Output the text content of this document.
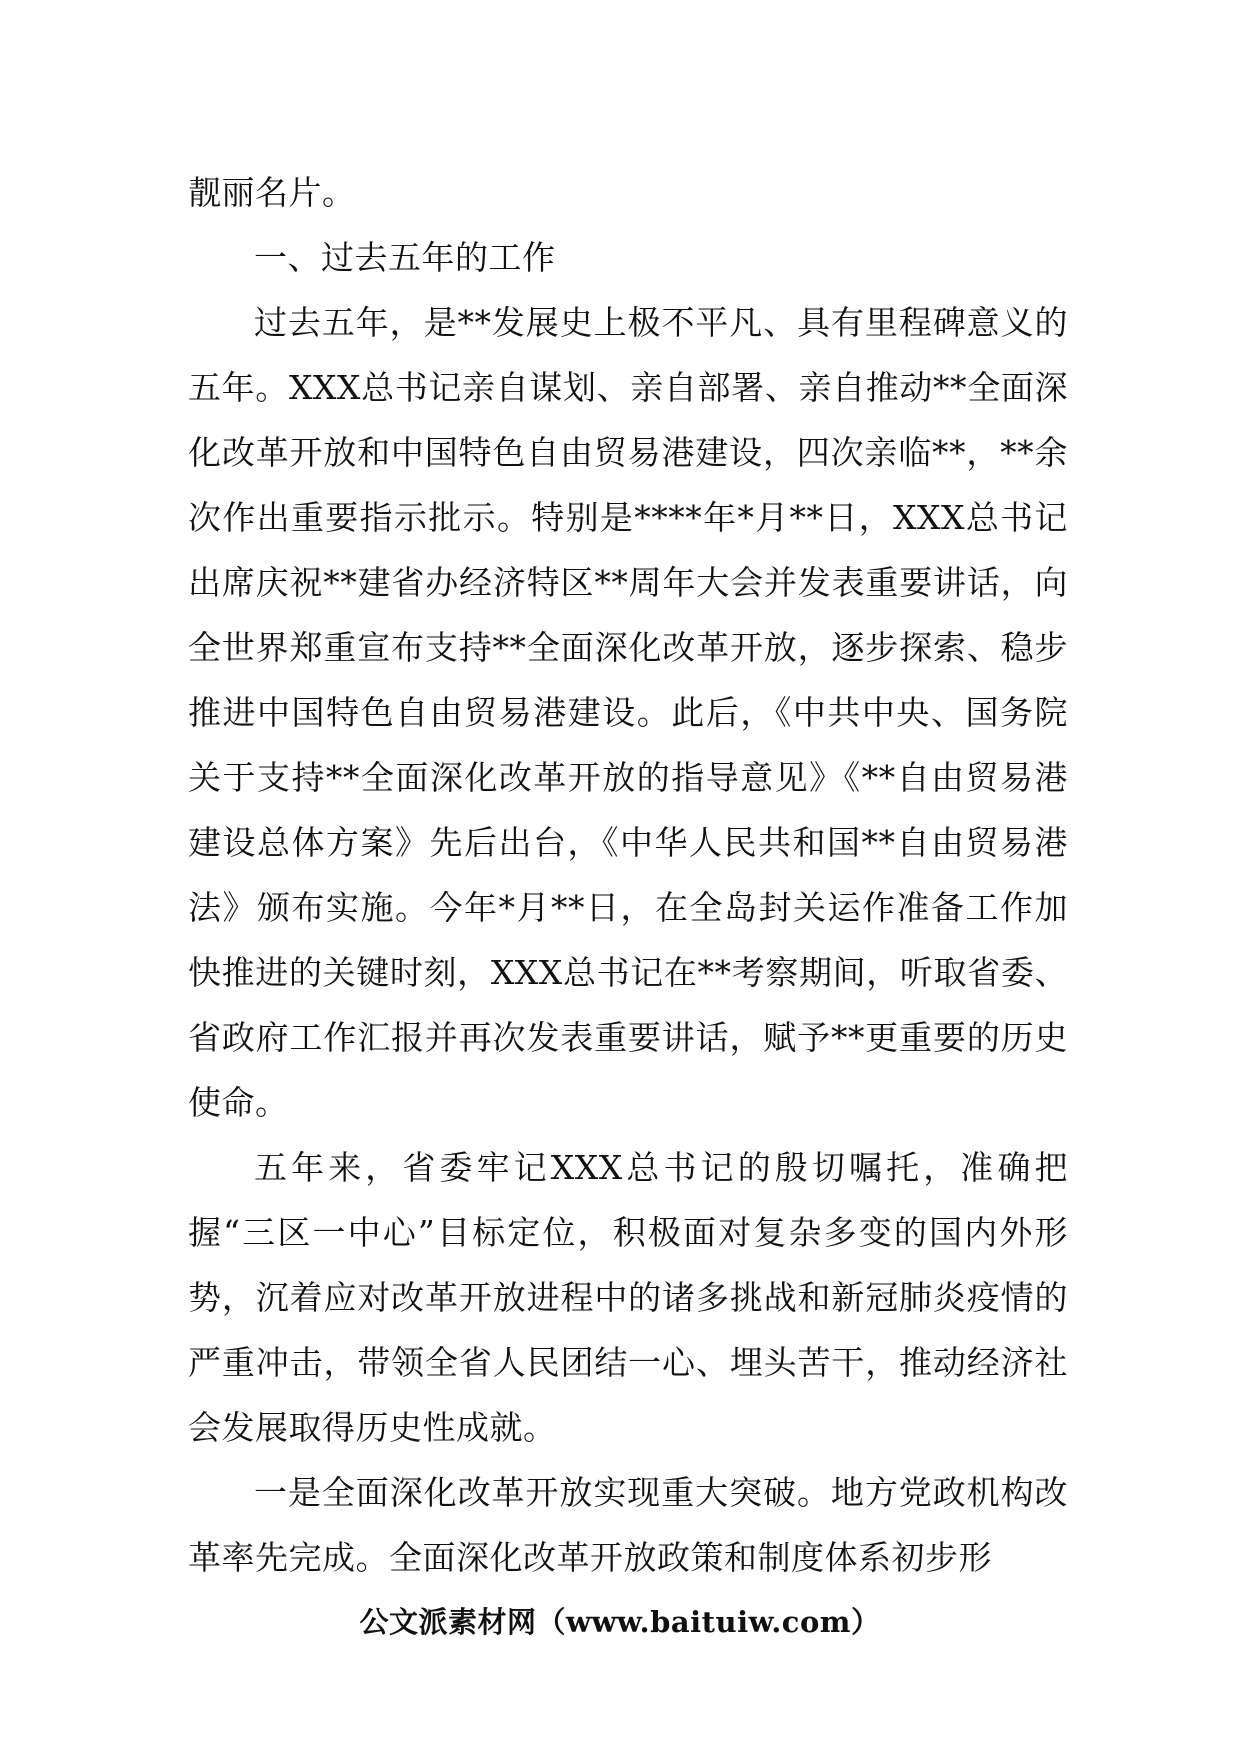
靓丽名片。

一、过去五年的工作

过去五年，是**发展史上极不平凡、具有里程碑意义的五年。XXX总书记亲自谋划、亲自部署、亲自推动**全面深化改革开放和中国特色自由贸易港建设，四次亲临**，**余次作出重要指示批示。特别是****年*月**日，XXX总书记出席庆祝**建省办经济特区**周年大会并发表重要讲话，向全世界郑重宣布支持**全面深化改革开放，逐步探索、稳步推进中国特色自由贸易港建设。此后，《中共中央、国务院关于支持**全面深化改革开放的指导意见》《**自由贸易港建设总体方案》先后出台，《中华人民共和国**自由贸易港法》颁布实施。今年*月**日，在全岛封关运作准备工作加快推进的关键时刻，XXX总书记在**考察期间，听取省委、省政府工作汇报并再次发表重要讲话，赋予**更重要的历史使命。

五年来，省委牢记XXX总书记的殷切嘱托，准确把握“三区一中心”目标定位，积极面对复杂多变的国内外形势，沉着应对改革开放进程中的诸多挑战和新冠肺炎疫情的严重冲击，带领全省人民团结一心、埋头苦干，推动经济社会发展取得历史性成就。

一是全面深化改革开放实现重大突破。地方党政机构改革率先完成。全面深化改革开放政策和制度体系初步形

公文派素材网（www.baituiw.com）
